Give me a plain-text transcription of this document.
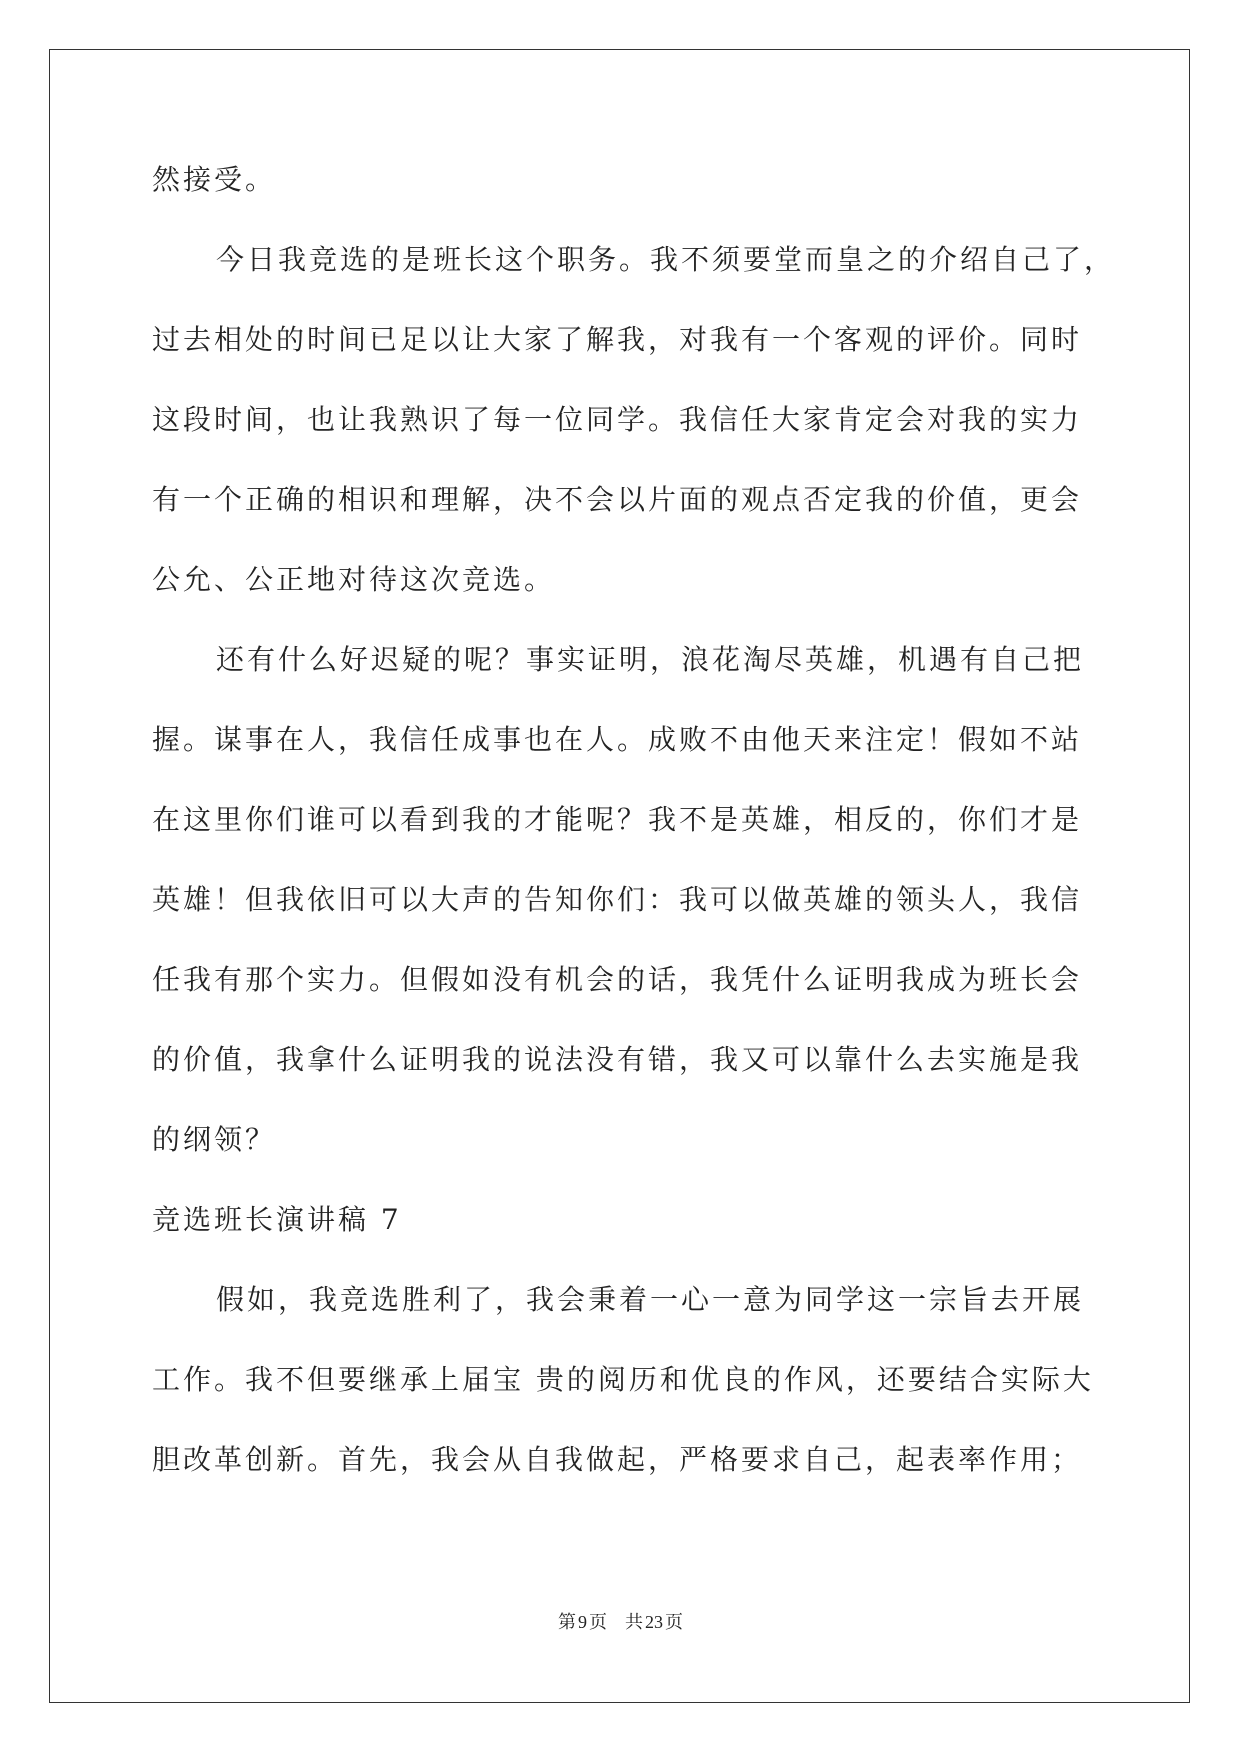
然接受。
今日我竞选的是班长这个职务。我不须要堂而皇之的介绍自己了，
过去相处的时间已足以让大家了解我，对我有一个客观的评价。同时
这段时间，也让我熟识了每一位同学。我信任大家肯定会对我的实力
有一个正确的相识和理解，决不会以片面的观点否定我的价值，更会
公允、公正地对待这次竞选。
还有什么好迟疑的呢？事实证明，浪花淘尽英雄，机遇有自己把
握。谋事在人，我信任成事也在人。成败不由他天来注定！假如不站
在这里你们谁可以看到我的才能呢？我不是英雄，相反的，你们才是
英雄！但我依旧可以大声的告知你们：我可以做英雄的领头人，我信
任我有那个实力。但假如没有机会的话，我凭什么证明我成为班长会
的价值，我拿什么证明我的说法没有错，我又可以靠什么去实施是我
的纲领？
竞选班长演讲稿 7
假如，我竞选胜利了，我会秉着一心一意为同学这一宗旨去开展
工作。我不但要继承上届宝 贵的阅历和优良的作风，还要结合实际大
胆改革创新。首先，我会从自我做起，严格要求自己，起表率作用；
第 9 页 共 23 页
